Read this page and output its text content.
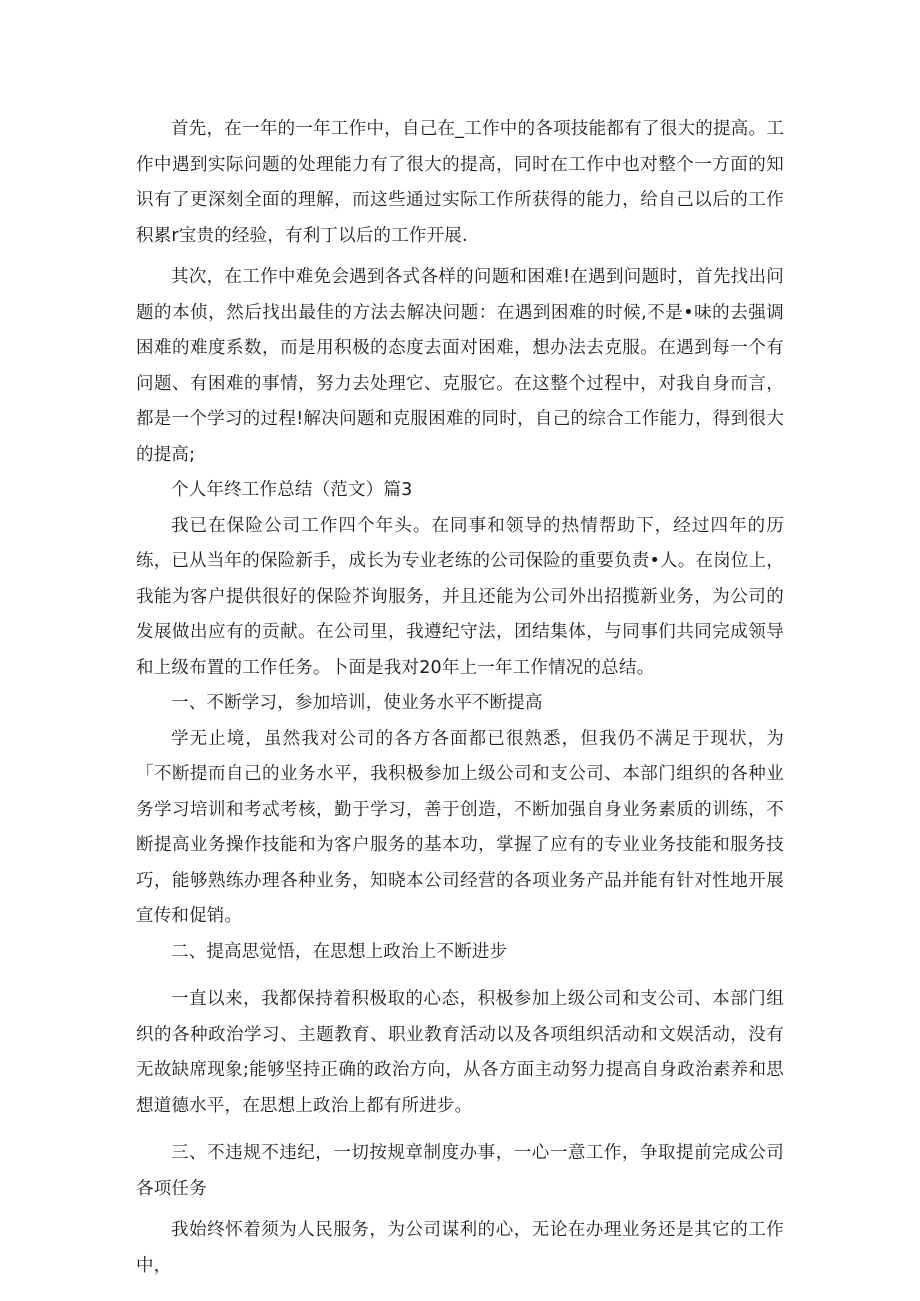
首先，在一年的一年工作中，自己在_工作中的各项技能都有了很大的提高。工作中遇到实际问题的处理能力有了很大的提高，同时在工作中也对整个一方面的知识有了更深刻全面的理解，而这些通过实际工作所获得的能力，给自己以后的工作积累r宝贵的经验，有利丁以后的工作开展.

其次，在工作中难免会遇到各式各样的问题和困难!在遇到问题时，首先找出问题的本侦，然后找出最佳的方法去解决问题：在遇到困难的时候,不是•味的去强调困难的难度系数，而是用积极的态度去面对困难，想办法去克服。在遇到每一个有问题、有困难的事情，努力去处理它、克服它。在这整个过程中，对我自身而言，都是一个学习的过程!解决问题和克服困难的同时，自己的综合工作能力，得到很大的提高;

个人年终工作总结（范文）篇3

我已在保险公司工作四个年头。在同事和领导的热情帮助下，经过四年的历练，已从当年的保险新手，成长为专业老练的公司保险的重要负责•人。在岗位上，我能为客户提供很好的保险芥询服务，并且还能为公司外出招揽新业务，为公司的发展做出应有的贡献。在公司里，我遵纪守法，团结集体，与同事们共同完成领导和上级布置的工作任务。卜面是我对20年上一年工作情况的总结。

一、不断学习，参加培训，使业务水平不断提高

学无止境，虽然我对公司的各方各面都已很熟悉，但我仍不满足于现状，为「不断提而自己的业务水平，我积极参加上级公司和支公司、本部门组织的各种业务学习培训和考忒考核，勤于学习，善于创造，不断加强自身业务素质的训练，不断提高业务操作技能和为客户服务的基本功，掌握了应有的专业业务技能和服务技巧，能够熟练办理各种业务，知晓本公司经营的各项业务产品并能有针对性地开展宣传和促销。

二、提高思觉悟，在思想上政治上不断进步

一直以来，我都保持着积极取的心态，积极参加上级公司和支公司、本部门组织的各种政治学习、主题教育、职业教育活动以及各项组织活动和文娱活动，没有无故缺席现象;能够坚持正确的政治方向，从各方面主动努力提高自身政治素养和思想道德水平，在思想上政治上都有所进步。

三、不违规不违纪，一切按规章制度办事，一心一意工作，争取提前完成公司各项任务

我始终怀着须为人民服务，为公司谋利的心，无论在办理业务还是其它的工作中，
